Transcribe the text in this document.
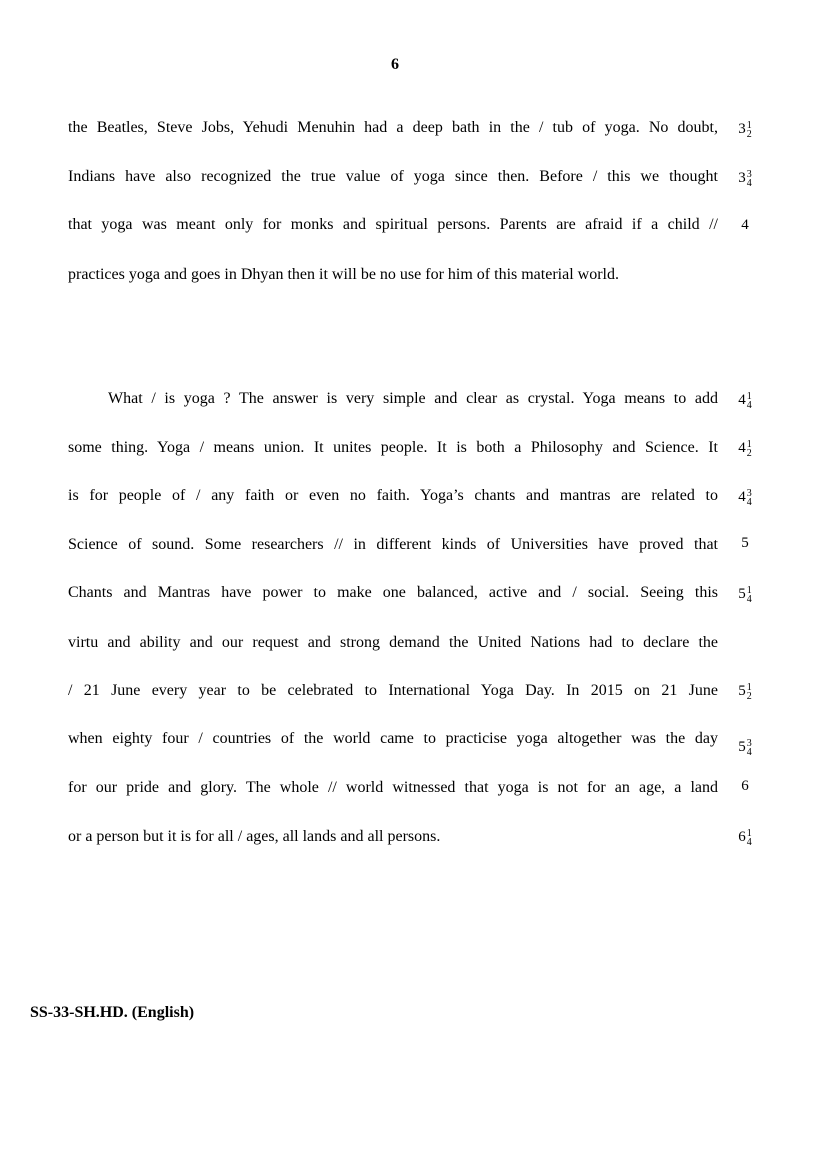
6
the Beatles, Steve Jobs, Yehudi Menuhin had a deep bath in the / tub of yoga. No doubt,
Indians have also recognized the true value of yoga since then. Before / this we thought
that yoga was meant only for monks and spiritual persons. Parents are afraid if a child //
practices yoga and goes in Dhyan then it will be no use for him of this material world.
What / is yoga ? The answer is very simple and clear as crystal. Yoga means to add
some thing. Yoga / means union. It unites people. It is both a Philosophy and Science. It
is for people of / any faith or even no faith. Yoga’s chants and mantras are related to
Science of sound. Some researchers // in different kinds of Universities have proved that
Chants and Mantras have power to make one balanced, active and / social. Seeing this
virtu and ability and our request and strong demand the United Nations had to declare the
/ 21 June every year to be celebrated to International Yoga Day. In 2015 on 21 June
when eighty four / countries of the world came to practicise yoga altogether was the day
for our pride and glory. The whole // world witnessed that yoga is not for an age, a land
or a person but it is for all / ages, all lands and all persons.
3 1
2
3 3
4
4
4 1
4
4 1
2
4 3
4
5
5 1
4
5 1
2
5 3
4
6
6 1
4
SS-33-SH.HD. (English)
